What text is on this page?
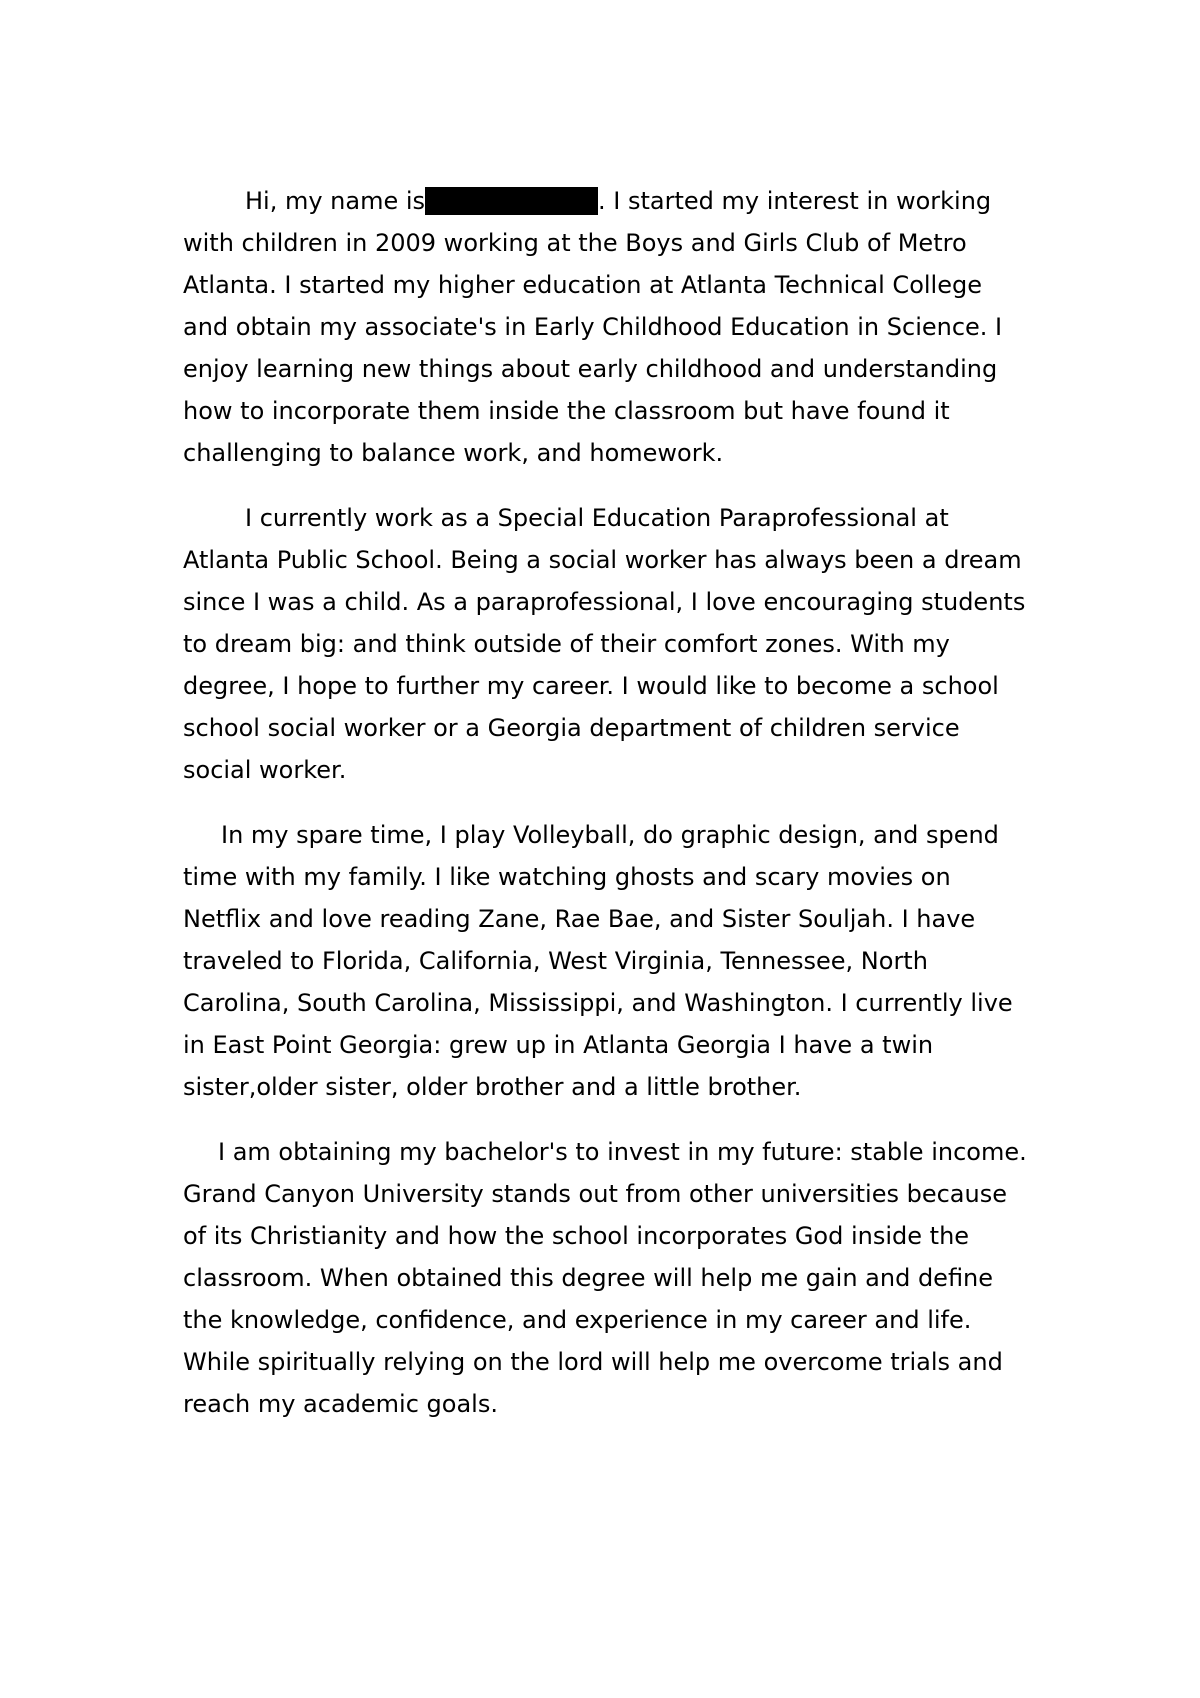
Hi, my name is	. I started my interest in working with children in 2009 working at the Boys and Girls Club of Metro Atlanta. I started my higher education at Atlanta Technical College and obtain my associate's in Early Childhood Education in Science. I enjoy learning new things about early childhood and understanding how to incorporate them inside the classroom but have found it challenging to balance work, and homework.

I currently work as a Special Education Paraprofessional at Atlanta Public School. Being a social worker has always been a dream since I was a child. As a paraprofessional, I love encouraging students to dream big: and think outside of their comfort zones. With my degree, I hope to further my career. I would like to become a school school social worker or a Georgia department of children service social worker.

In my spare time, I play Volleyball, do graphic design, and spend time with my family. I like watching ghosts and scary movies on Netflix and love reading Zane, Rae Bae, and Sister Souljah. I have traveled to Florida, California, West Virginia, Tennessee, North Carolina, South Carolina, Mississippi, and Washington. I currently live in East Point Georgia: grew up in Atlanta Georgia I have a twin sister,older sister, older brother and a little brother.

I am obtaining my bachelor's to invest in my future: stable income. Grand Canyon University stands out from other universities because of its Christianity and how the school incorporates God inside the classroom. When obtained this degree will help me gain and define the knowledge, confidence, and experience in my career and life. While spiritually relying on the lord will help me overcome trials and reach my academic goals.
